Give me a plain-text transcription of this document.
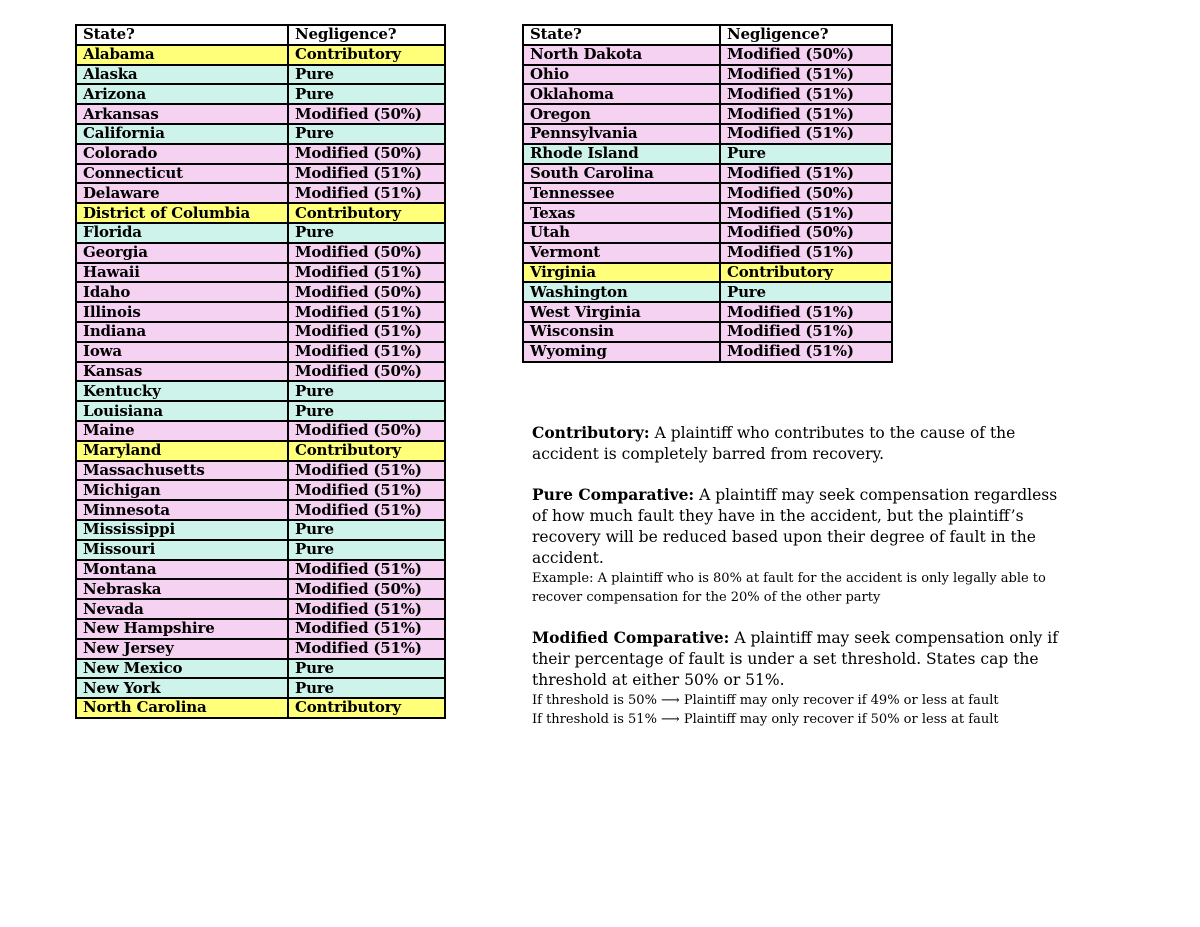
State?	Negligence?
Alabama	Contributory
Alaska	Pure
Arizona	Pure
Arkansas	Modified (50%)
California	Pure
Colorado	Modified (50%)
Connecticut	Modified (51%)
Delaware	Modified (51%)
District of Columbia	Contributory
Florida	Pure
Georgia	Modified (50%)
Hawaii	Modified (51%)
Idaho	Modified (50%)
Illinois	Modified (51%)
Indiana	Modified (51%)
Iowa	Modified (51%)
Kansas	Modified (50%)
Kentucky	Pure
Louisiana	Pure
Maine	Modified (50%)
Maryland	Contributory
Massachusetts	Modified (51%)
Michigan	Modified (51%)
Minnesota	Modified (51%)
Mississippi	Pure
Missouri	Pure
Montana	Modified (51%)
Nebraska	Modified (50%)
Nevada	Modified (51%)
New Hampshire	Modified (51%)
New Jersey	Modified (51%)
New Mexico	Pure
New York	Pure
North Carolina	Contributory
State?	Negligence?
North Dakota	Modified (50%)
Ohio	Modified (51%)
Oklahoma	Modified (51%)
Oregon	Modified (51%)
Pennsylvania	Modified (51%)
Rhode Island	Pure
South Carolina	Modified (51%)
Tennessee	Modified (50%)
Texas	Modified (51%)
Utah	Modified (50%)
Vermont	Modified (51%)
Virginia	Contributory
Washington	Pure
West Virginia	Modified (51%)
Wisconsin	Modified (51%)
Wyoming	Modified (51%)

Contributory: A plaintiff who contributes to the cause of the accident is completely barred from recovery.

Pure Comparative: A plaintiff may seek compensation regardless of how much fault they have in the accident, but the plaintiff’s recovery will be reduced based upon their degree of fault in the accident.

Example: A plaintiff who is 80% at fault for the accident is only legally able to recover compensation for the 20% of the other party

Modified Comparative: A plaintiff may seek compensation only if their percentage of fault is under a set threshold. States cap the threshold at either 50% or 51%.

If threshold is 50% ⟶ Plaintiff may only recover if 49% or less at fault

If threshold is 51% ⟶ Plaintiff may only recover if 50% or less at fault
